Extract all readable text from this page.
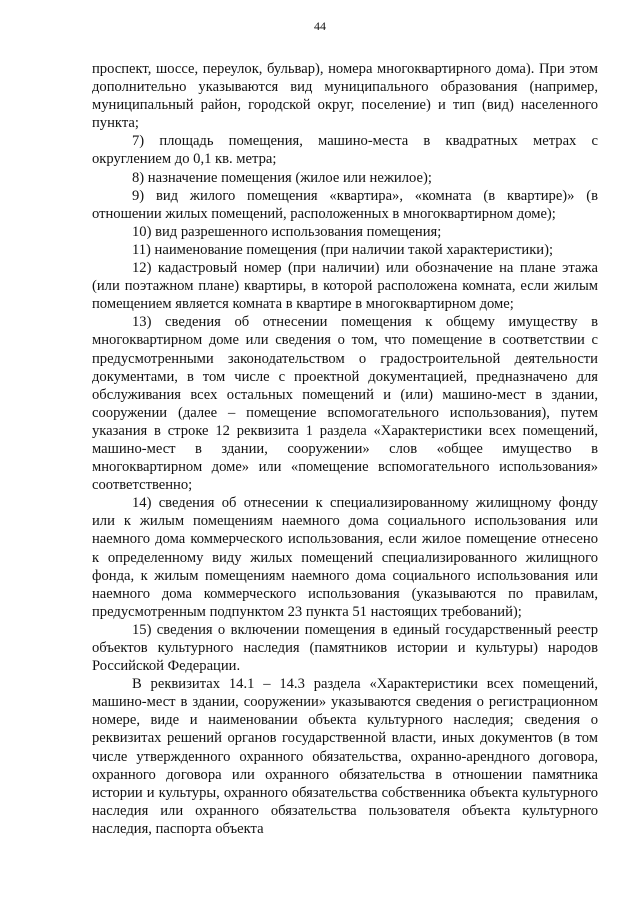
44

проспект, шоссе, переулок, бульвар), номера многоквартирного дома). При этом дополнительно указываются вид муниципального образования (например, муниципальный район, городской округ, поселение) и тип (вид) населенного пункта;

7) площадь помещения, машино-места в квадратных метрах с округлением до 0,1 кв. метра;

8) назначение помещения (жилое или нежилое);

9) вид жилого помещения «квартира», «комната (в квартире)» (в отношении жилых помещений, расположенных в многоквартирном доме);

10) вид разрешенного использования помещения;

11) наименование помещения (при наличии такой характеристики);

12) кадастровый номер (при наличии) или обозначение на плане этажа (или поэтажном плане) квартиры, в которой расположена комната, если жилым помещением является комната в квартире в многоквартирном доме;

13) сведения об отнесении помещения к общему имуществу в многоквартирном доме или сведения о том, что помещение в соответствии с предусмотренными законодательством о градостроительной деятельности документами, в том числе с проектной документацией, предназначено для обслуживания всех остальных помещений и (или) машино-мест в здании, сооружении (далее – помещение вспомогательного использования), путем указания в строке 12 реквизита 1 раздела «Характеристики всех помещений, машино-мест в здании, сооружении» слов «общее имущество в многоквартирном доме» или «помещение вспомогательного использования» соответственно;

14) сведения об отнесении к специализированному жилищному фонду или к жилым помещениям наемного дома социального использования или наемного дома коммерческого использования, если жилое помещение отнесено к определенному виду жилых помещений специализированного жилищного фонда, к жилым помещениям наемного дома социального использования или наемного дома коммерческого использования (указываются по правилам, предусмотренным подпунктом 23 пункта 51 настоящих требований);

15) сведения о включении помещения в единый государственный реестр объектов культурного наследия (памятников истории и культуры) народов Российской Федерации.

В реквизитах 14.1 – 14.3 раздела «Характеристики всех помещений, машино-мест в здании, сооружении» указываются сведения о регистрационном номере, виде и наименовании объекта культурного наследия; сведения о реквизитах решений органов государственной власти, иных документов (в том числе утвержденного охранного обязательства, охранно-арендного договора, охранного договора или охранного обязательства в отношении памятника истории и культуры, охранного обязательства собственника объекта культурного наследия или охранного обязательства пользователя объекта культурного наследия, паспорта объекта
